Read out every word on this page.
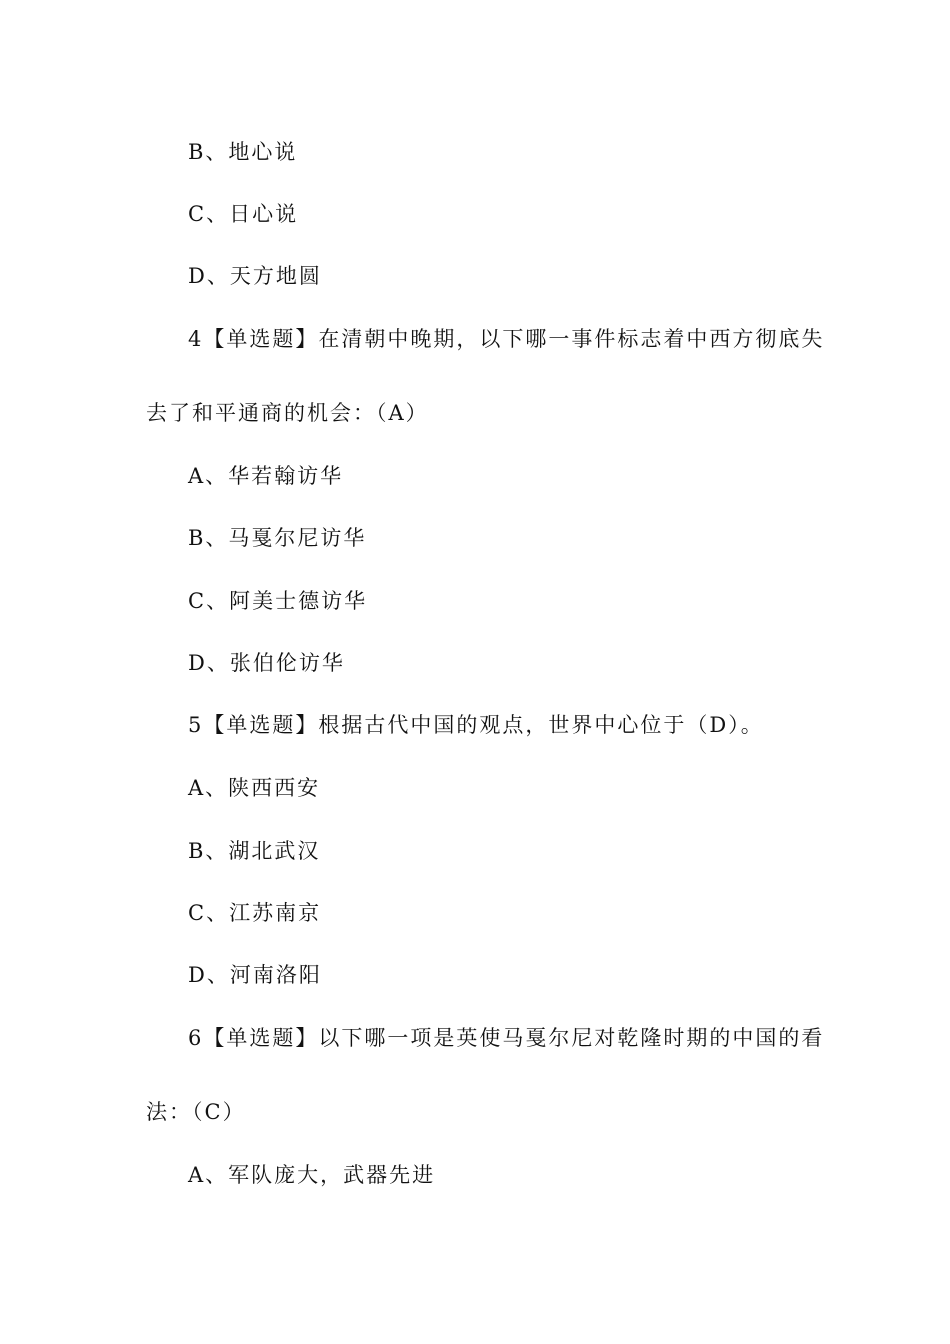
B、地心说
C、日心说
D、天方地圆
4【单选题】在清朝中晚期，以下哪一事件标志着中西方彻底失
去了和平通商的机会：（A）
A、华若翰访华
B、马戛尔尼访华
C、阿美士德访华
D、张伯伦访华
5【单选题】根据古代中国的观点，世界中心位于（D）。
A、陕西西安
B、湖北武汉
C、江苏南京
D、河南洛阳
6【单选题】以下哪一项是英使马戛尔尼对乾隆时期的中国的看
法：（C）
A、军队庞大，武器先进
